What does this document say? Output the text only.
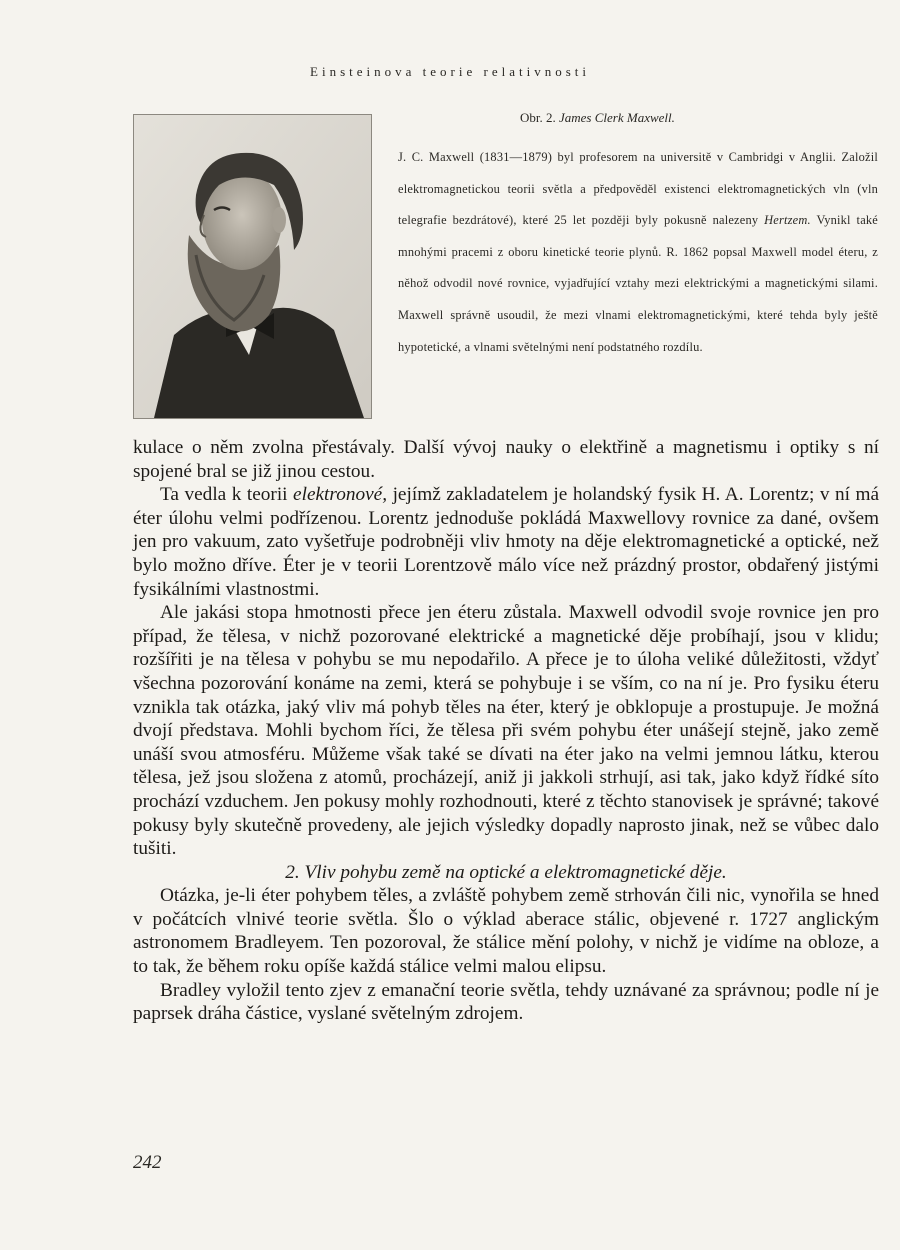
Einsteinova teorie relativnosti
Obr. 2. James Clerk Maxwell.

J. C. Maxwell (1831—1879) byl profesorem na universitě v Cambridgi v Anglii. Založil elektromagnetickou teorii světla a předpověděl existenci elektromagnetických vln (vln telegrafie bezdrátové), které 25 let později byly pokusně nalezeny Hertzem. Vynikl také mnohými pracemi z oboru kinetické teorie plynů. R. 1862 popsal Maxwell model éteru, z něhož odvodil nové rovnice, vyjadřující vztahy mezi elektrickými a magnetickými silami. Maxwell správně usoudil, že mezi vlnami elektromagnetickými, které tehda byly ještě hypotetické, a vlnami světelnými není podstatného rozdílu.

kulace o něm zvolna přestávaly. Další vývoj nauky o elektřině a magnetismu i optiky s ní spojené bral se již jinou cestou.

Ta vedla k teorii elektronové, jejímž zakladatelem je holandský fysik H. A. Lorentz; v ní má éter úlohu velmi podřízenou. Lorentz jednoduše pokládá Maxwellovy rovnice za dané, ovšem jen pro vakuum, zato vyšetřuje podrobněji vliv hmoty na děje elektromagnetické a optické, než bylo možno dříve. Éter je v teorii Lorentzově málo více než prázdný prostor, obdařený jistými fysikálními vlastnostmi.

Ale jakási stopa hmotnosti přece jen éteru zůstala. Maxwell odvodil svoje rovnice jen pro případ, že tělesa, v nichž pozorované elektrické a magnetické děje probíhají, jsou v klidu; rozšířiti je na tělesa v pohybu se mu nepodařilo. A přece je to úloha veliké důležitosti, vždyť všechna pozorování konáme na zemi, která se pohybuje i se vším, co na ní je. Pro fysiku éteru vznikla tak otázka, jaký vliv má pohyb těles na éter, který je obklopuje a prostupuje. Je možná dvojí představa. Mohli bychom říci, že tělesa při svém pohybu éter unášejí stejně, jako země unáší svou atmosféru. Můžeme však také se dívati na éter jako na velmi jemnou látku, kterou tělesa, jež jsou složena z atomů, procházejí, aniž ji jakkoli strhují, asi tak, jako když řídké síto prochází vzduchem. Jen pokusy mohly rozhodnouti, které z těchto stanovisek je správné; takové pokusy byly skutečně provedeny, ale jejich výsledky dopadly naprosto jinak, než se vůbec dalo tušiti.

2. Vliv pohybu země na optické a elektromagnetické děje.

Otázka, je-li éter pohybem těles, a zvláště pohybem země strhován čili nic, vynořila se hned v počátcích vlnivé teorie světla. Šlo o výklad aberace stálic, objevené r. 1727 anglickým astronomem Bradleyem. Ten pozoroval, že stálice mění polohy, v nichž je vidíme na obloze, a to tak, že během roku opíše každá stálice velmi malou elipsu.

Bradley vyložil tento zjev z emanační teorie světla, tehdy uznávané za správnou; podle ní je paprsek dráha částice, vyslané světelným zdrojem.

242
